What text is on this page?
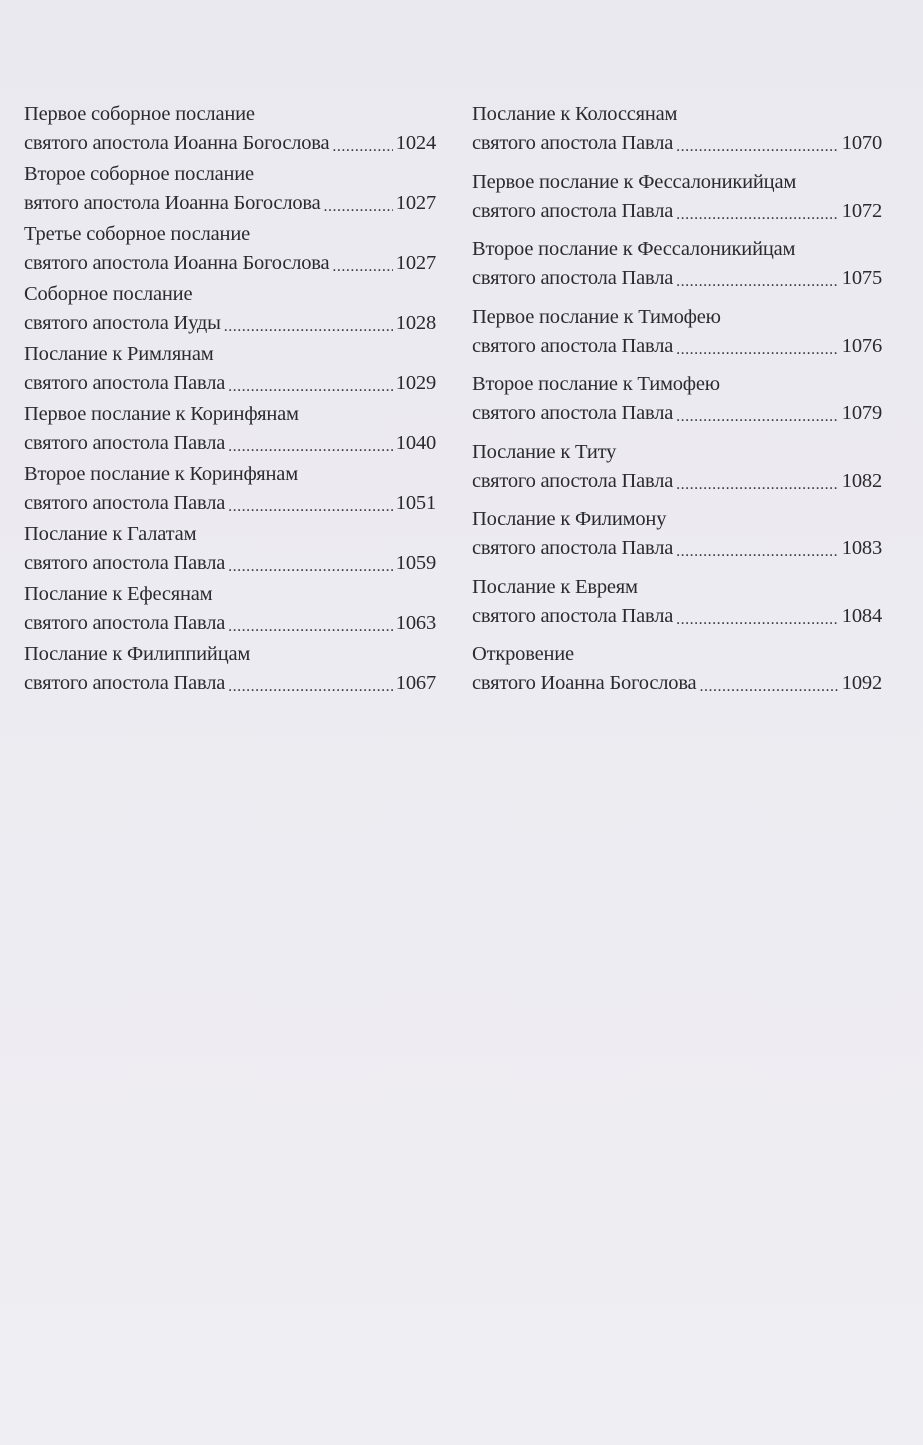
Первое соборное послание
святого апостола Иоанна Богослова .....	1024
Второе соборное послание
вятого апостола Иоанна Богослова .....	1027
Третье соборное послание
святого апостола Иоанна Богослова .....	1027
Соборное послание
святого апостола Иуды .....	1028
Послание к Римлянам
святого апостола Павла .....	1029
Первое послание к Коринфянам
святого апостола Павла .....	1040
Второе послание к Коринфянам
святого апостола Павла .....	1051
Послание к Галатам
святого апостола Павла .....	1059
Послание к Ефесянам
святого апостола Павла .....	1063
Послание к Филиппийцам
святого апостола Павла .....	1067
Послание к Колоссянам
святого апостола Павла .....	1070
Первое послание к Фессалоникийцам
святого апостола Павла .....	1072
Второе послание к Фессалоникийцам
святого апостола Павла .....	1075
Первое послание к Тимофею
святого апостола Павла .....	1076
Второе послание к Тимофею
святого апостола Павла .....	1079
Послание к Титу
святого апостола Павла .....	1082
Послание к Филимону
святого апостола Павла .....	1083
Послание к Евреям
святого апостола Павла .....	1084
Откровение
святого Иоанна Богослова .....	1092
